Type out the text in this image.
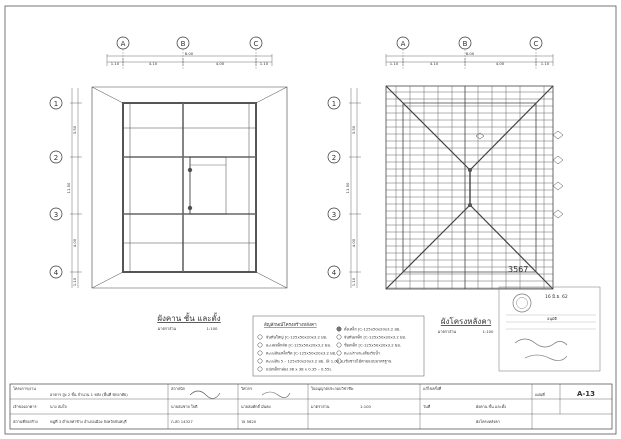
A	B	C
1.10	4.10	4.00	1.10
8.00
1
2
3
4
3.50
4.00
1.10
11.50
ผังคาน ชั้น และตั้ง
มาตราส่วน	1:100
A	B	C
1.10	4.10	4.00	1.10
8.00
1
2
3
4
3.50
4.00
1.10
11.50
ผังโครงหลังคา
มาตราส่วน	1:100
สัญลักษณ์โครงสร้างหลังคา
จันทันใหญ่ [C-125x50x20x3.2 มม.
อะเสเหล็กดัด [C-125x50x20x3.2 มม.
ตะเฆ่สันเหล็กรีด [C-125x50x20x3.2 มม.
ตะเฆ่สัน 5 – 125x50x20x3.2 มม. @ 1.00 ม.
แปเหล็กกล่อง 38 x 38 x 0.35 – 0.55L
ดั้งเหล็ก [C-125x50x20x3.2 มม.
จันทันเหล็ก [C-125x50x20x3.2 มม.
ขื่อเหล็ก [C-125x50x20x3.2 มม.
ตะเฆ่รางกะเตียงรับน้ำ
เชิงชายไม้ตามแบบมาตรฐาน
16 มิ.ย. 62
3567
อนุมัติ
โครงการ/งาน
อาคาร สูง 2 ชั้น จำนวน 1 หลัง (พื้นที่ พักอาศัย)
เจ้าของอาคาร	นาง สมใจ
สถานที่ก่อสร้าง	หมู่ที่ 3 ตำบลท่าช้าง อำเภอเมือง จังหวัดจันทบุรี
สถาปนิก
นายสมชาย ใจดี
ภ-สถ 14327
วิศวกร
นายสมศักดิ์ มั่นคง
วย 5820
ใบอนุญาตประกอบวิชาชีพ
มาตราส่วน	1:100
แก้ไขครั้งที่
วันที่	ผังคาน ชั้น และตั้ง
ผังโครงหลังคา
แผ่นที่	A-13
